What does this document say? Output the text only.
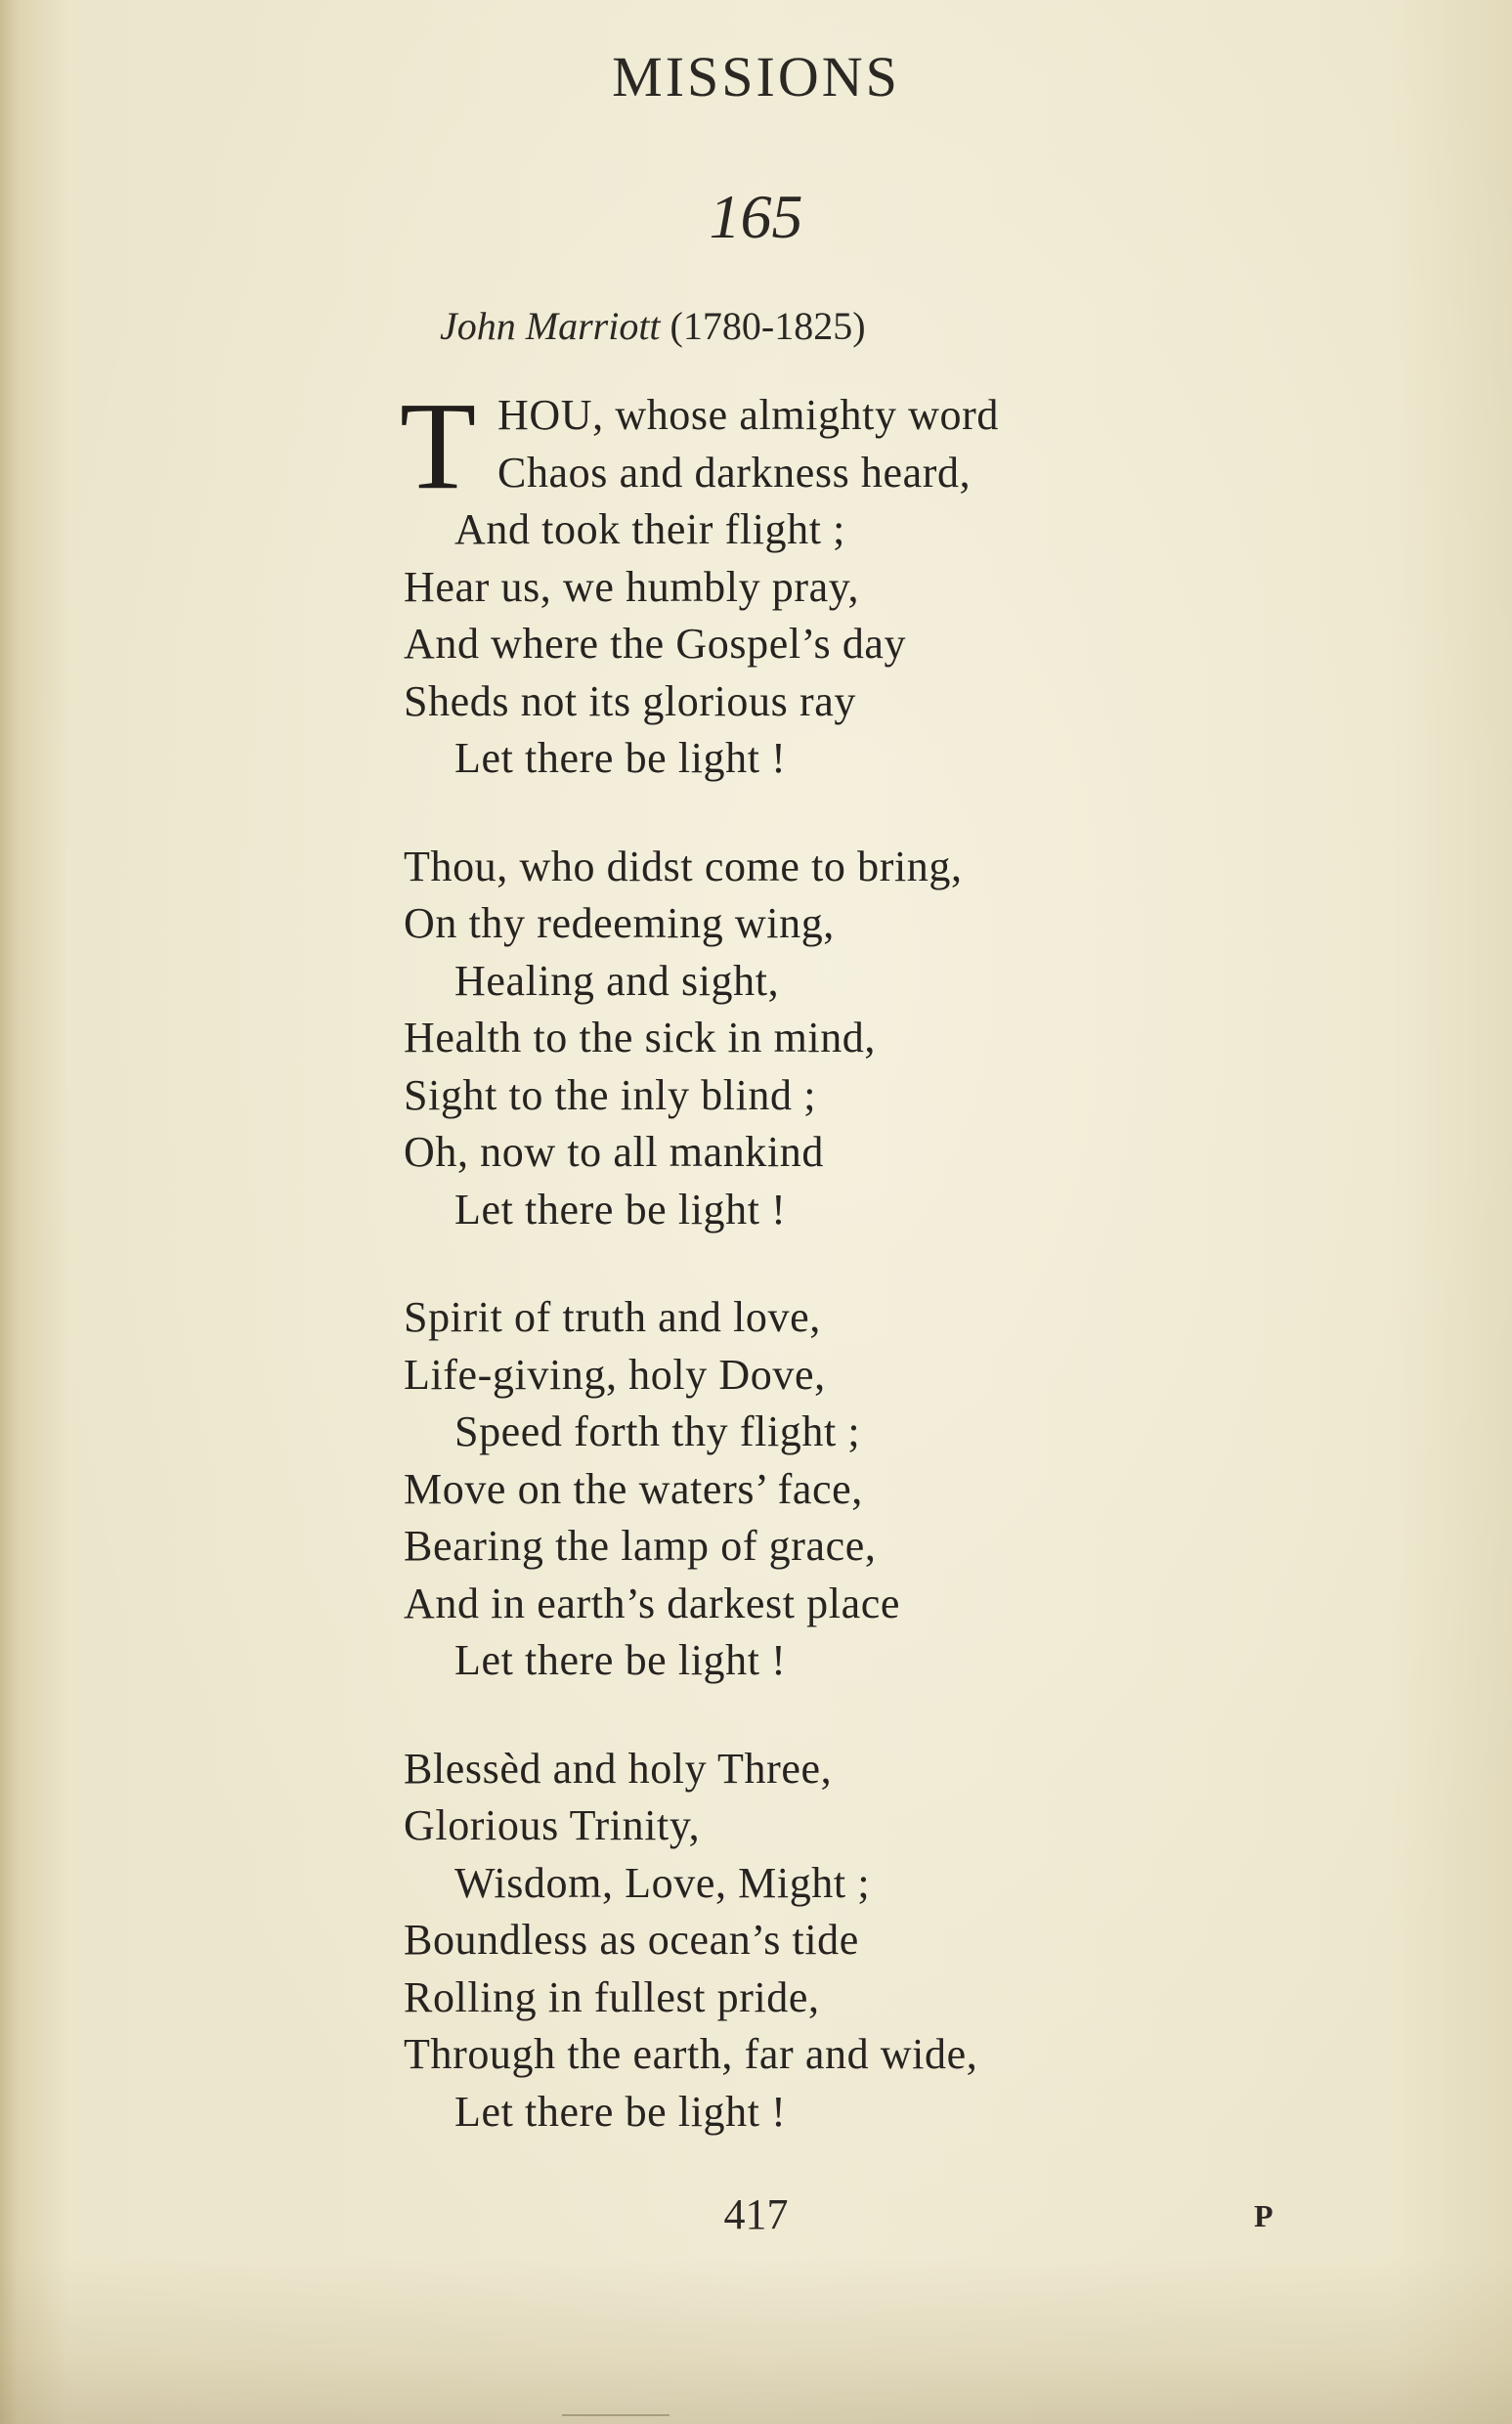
MISSIONS
165
John Marriott (1780-1825)
T HOU, whose almighty word
Chaos and darkness heard,
And took their flight ;
Hear us, we humbly pray,
And where the Gospel’s day
Sheds not its glorious ray
Let there be light !
Thou, who didst come to bring,
On thy redeeming wing,
Healing and sight,
Health to the sick in mind,
Sight to the inly blind ;
Oh, now to all mankind
Let there be light !
Spirit of truth and love,
Life-giving, holy Dove,
Speed forth thy flight ;
Move on the waters’ face,
Bearing the lamp of grace,
And in earth’s darkest place
Let there be light !
Blessèd and holy Three,
Glorious Trinity,
Wisdom, Love, Might ;
Boundless as ocean’s tide
Rolling in fullest pride,
Through the earth, far and wide,
Let there be light !
417	P
